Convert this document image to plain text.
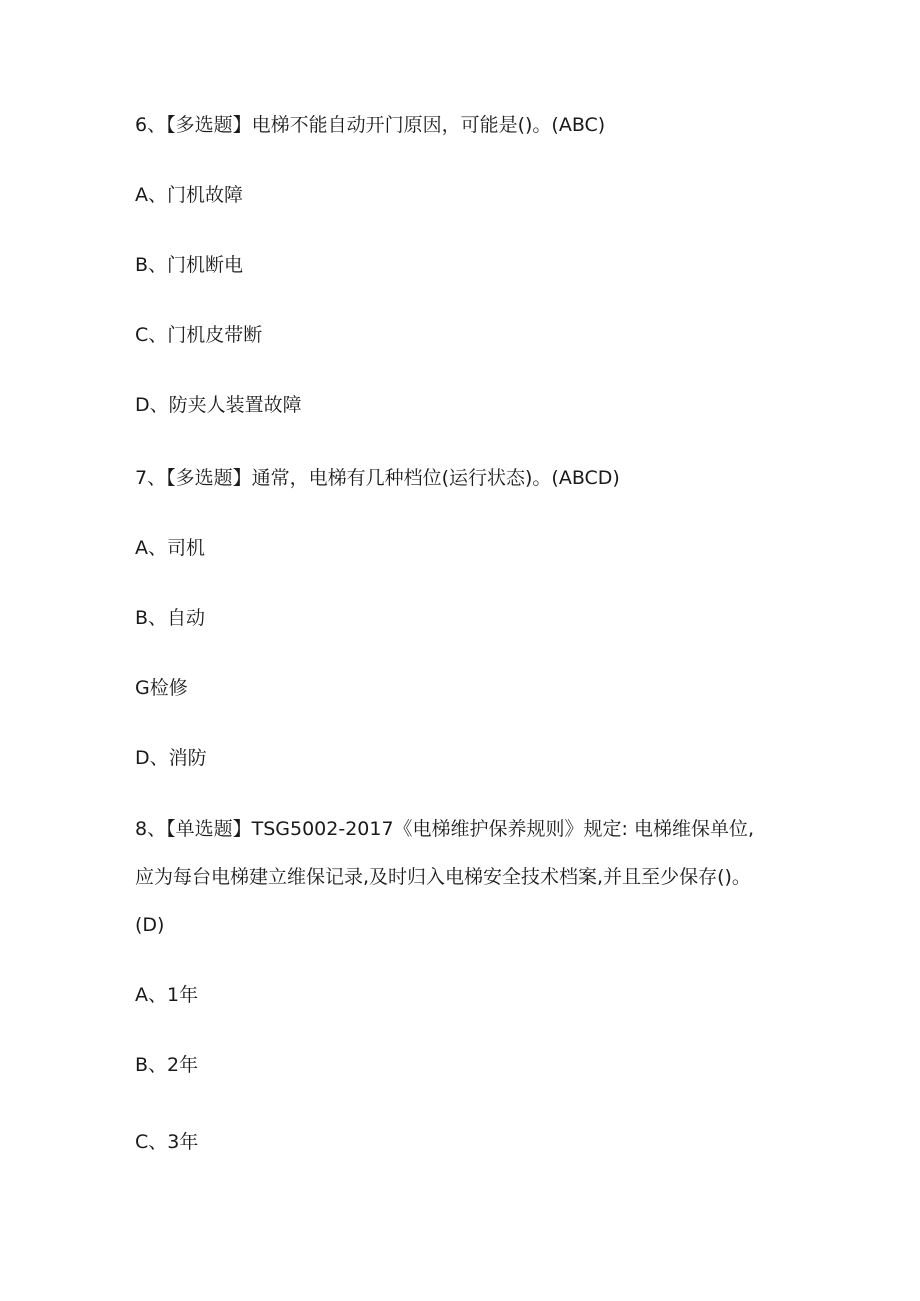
6、【多选题】电梯不能自动开门原因，可能是()。(ABC)
A、门机故障
B、门机断电
C、门机皮带断
D、防夹人装置故障
7、【多选题】通常，电梯有几种档位(运行状态)。(ABCD)
A、司机
B、自动
G检修
D、消防
8、【单选题】TSG5002-2017《电梯维护保养规则》规定: 电梯维保单位,
应为每台电梯建立维保记录,及时归入电梯安全技术档案,并且至少保存()。
(D)
A、1年
B、2年
C、3年
